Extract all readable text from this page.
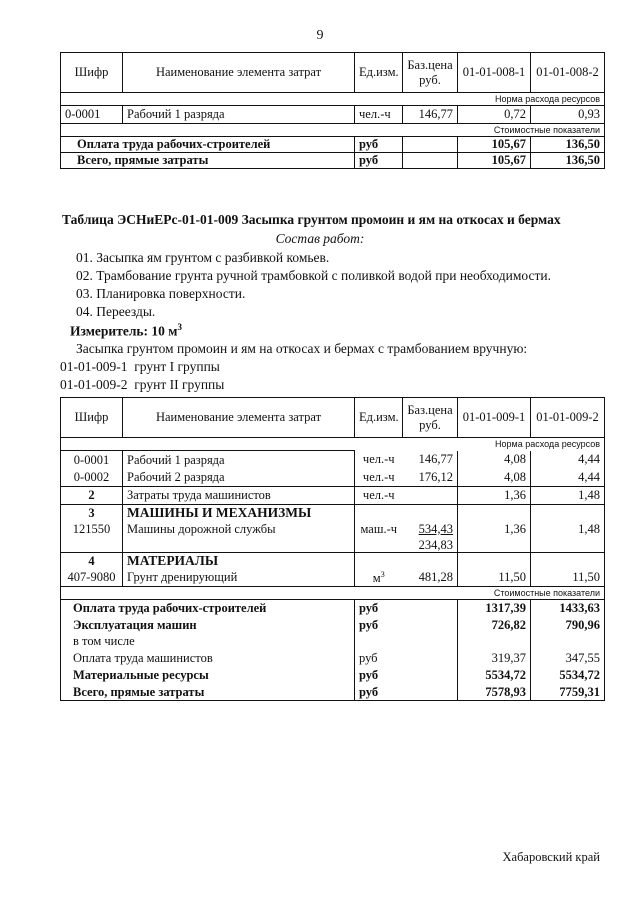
9
Шифр	Наименование элемента затрат	Ед.изм.	Баз.цена руб.	01-01-008-1	01-01-008-2
				Норма расхода ресурсов	
0-0001	Рабочий 1 разряда	чел.-ч	146,77	0,72	0,93
				Стоимостные показатели	
Оплата труда рабочих-строителей		руб		105,67	136,50
Всего, прямые затраты		руб		105,67	136,50
Таблица ЭСНиЕРс-01-01-009 Засыпка грунтом промоин и ям на откосах и бермах
Состав работ:
01. Засыпка ям грунтом с разбивкой комьев.
02. Трамбование грунта ручной трамбовкой с поливкой водой при необходимости.
03. Планировка поверхности.
04. Переезды.
Измеритель: 10 $м^3$
Засыпка грунтом промоин и ям на откосах и бермах с трамбованием вручную:
01-01-009-1 грунт I группы
01-01-009-2 грунт II группы
Шифр	Наименование элемента затрат	Ед.изм.	Баз.цена руб.	01-01-009-1	01-01-009-2
				Норма расхода ресурсов	
0-0001	Рабочий 1 разряда	чел.-ч	146,77	4,08	4,44
0-0002	Рабочий 2 разряда	чел.-ч	176,12	4,08	4,44
2	Затраты труда машинистов	чел.-ч		1,36	1,48
3	МАШИНЫ И МЕХАНИЗМЫ				
121550	Машины дорожной службы	маш.-ч	534,43	1,36	1,48
			234,83		
4	МАТЕРИАЛЫ				
407-9080	Грунт дренирующий	$м^3$	481,28	11,50	11,50
				Стоимостные показатели	
Оплата труда рабочих-строителей		руб		1317,39	1433,63
Эксплуатация машин		руб		726,82	790,96
в том числе					
Оплата труда машинистов		руб		319,37	347,55
Материальные ресурсы		руб		5534,72	5534,72
Всего, прямые затраты		руб		7578,93	7759,31
Хабаровский край
